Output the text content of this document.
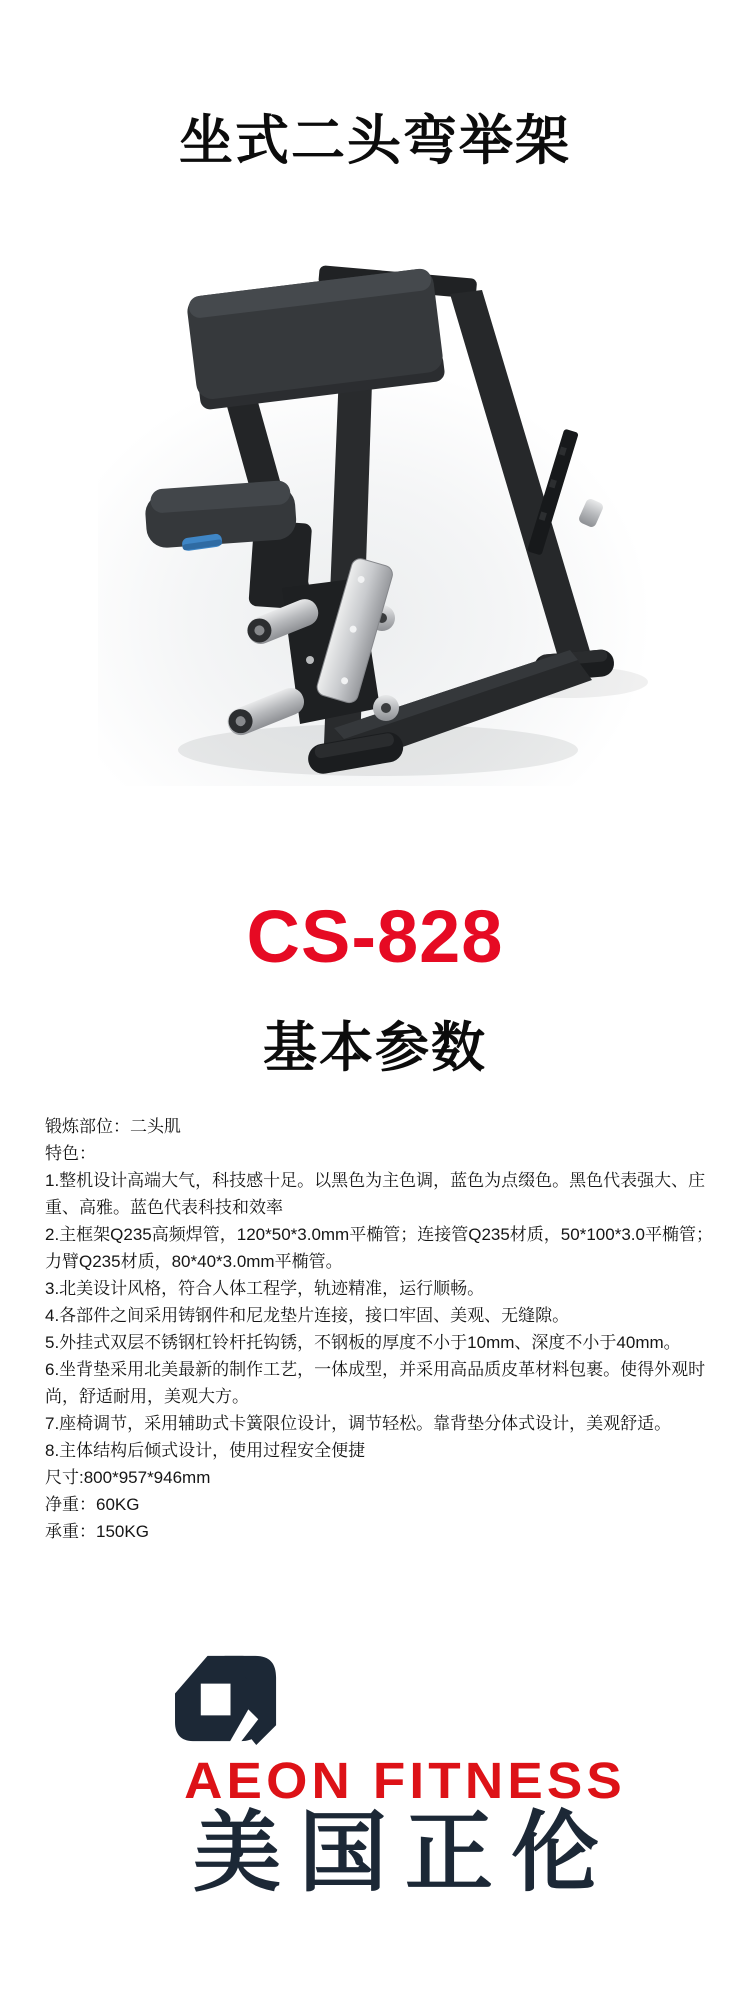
坐式二头弯举架
CS-828
基本参数
锻炼部位：二头肌
特色：
1.整机设计高端大气，科技感十足。以黑色为主色调，蓝色为点缀色。黑色代表强大、庄重、高雅。蓝色代表科技和效率
2.主框架Q235高频焊管，120*50*3.0mm平椭管；连接管Q235材质，50*100*3.0平椭管；力臂Q235材质，80*40*3.0mm平椭管。
3.北美设计风格，符合人体工程学，轨迹精准，运行顺畅。
4.各部件之间采用铸钢件和尼龙垫片连接，接口牢固、美观、无缝隙。
5.外挂式双层不锈钢杠铃杆托钩锈，不钢板的厚度不小于10mm、深度不小于40mm。
6.坐背垫采用北美最新的制作工艺，一体成型，并采用高品质皮革材料包裹。使得外观时尚，舒适耐用，美观大方。
7.座椅调节，采用辅助式卡簧限位设计，调节轻松。靠背垫分体式设计，美观舒适。
8.主体结构后倾式设计，使用过程安全便捷
尺寸:800*957*946mm
净重：60KG
承重：150KG
AEON FITNESS
美国正伦
